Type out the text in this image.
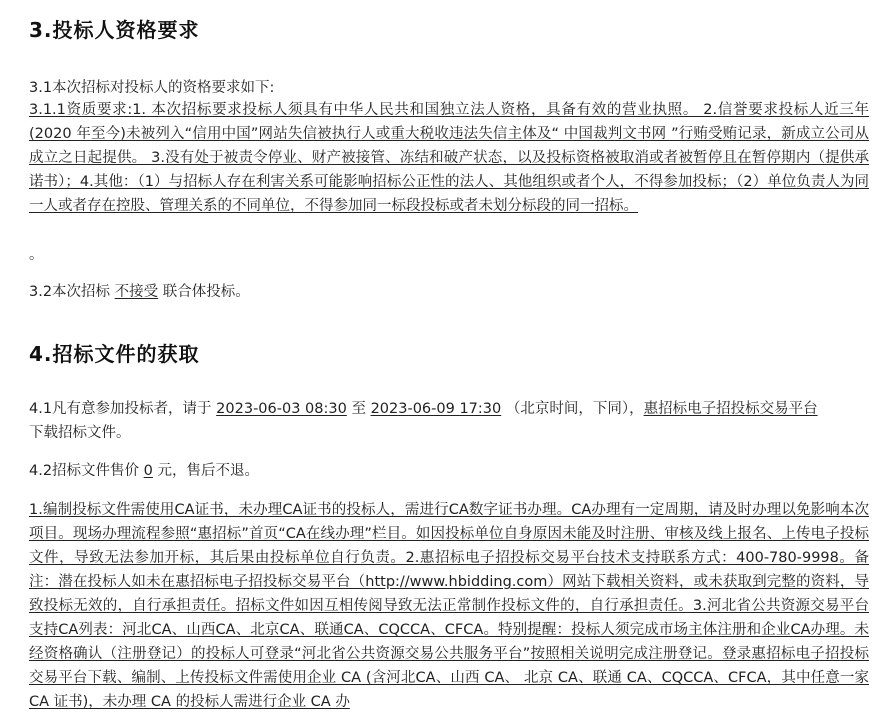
3.投标人资格要求
3.1本次招标对投标人的资格要求如下:
3.1.1资质要求:1. 本次招标要求投标人须具有中华人民共和国独立法人资格，具备有效的营业执照。 2.信誉要求投标人近三年(2020 年至今)未被列入“信用中国”网站失信被执行人或重大税收违法失信主体及“ 中国裁判文书网 ”行贿受贿记录，新成立公司从成立之日起提供。 3.没有处于被责令停业、财产被接管、冻结和破产状态，以及投标资格被取消或者被暂停且在暂停期内（提供承诺书）；4.其他：（1）与招标人存在利害关系可能影响招标公正性的法人、其他组织或者个人，不得参加投标；（2）单位负责人为同一人或者存在控股、管理关系的不同单位，不得参加同一标段投标或者未划分标段的同一招标。
。
3.2本次招标 不接受 联合体投标。
4.招标文件的获取
4.1凡有意参加投标者，请于 2023-06-03 08:30 至 2023-06-09 17:30 （北京时间，下同），惠招标电子招投标交易平台
下载招标文件。
4.2招标文件售价 0 元，售后不退。
1.编制投标文件需使用CA证书，未办理CA证书的投标人，需进行CA数字证书办理。CA办理有一定周期，请及时办理以免影响本次项目。现场办理流程参照“惠招标”首页“CA在线办理”栏目。如因投标单位自身原因未能及时注册、审核及线上报名、上传电子投标文件，导致无法参加开标，其后果由投标单位自行负责。2.惠招标电子招投标交易平台技术支持联系方式：400-780-9998。备注：潜在投标人如未在惠招标电子招投标交易平台（http://www.hbidding.com）网站下载相关资料，或未获取到完整的资料，导致投标无效的，自行承担责任。招标文件如因互相传阅导致无法正常制作投标文件的，自行承担责任。3.河北省公共资源交易平台支持CA列表：河北CA、山西CA、北京CA、联通CA、CQCCA、CFCA。特别提醒：投标人须完成市场主体注册和企业CA办理。未经资格确认（注册登记）的投标人可登录“河北省公共资源交易公共服务平台”按照相关说明完成注册登记。登录惠招标电子招投标交易平台下载、编制、上传投标文件需使用企业 CA (含河北CA、山西 CA、 北京 CA、联通 CA、CQCCA、CFCA，其中任意一家 CA 证书)，未办理 CA 的投标人需进行企业 CA 办
